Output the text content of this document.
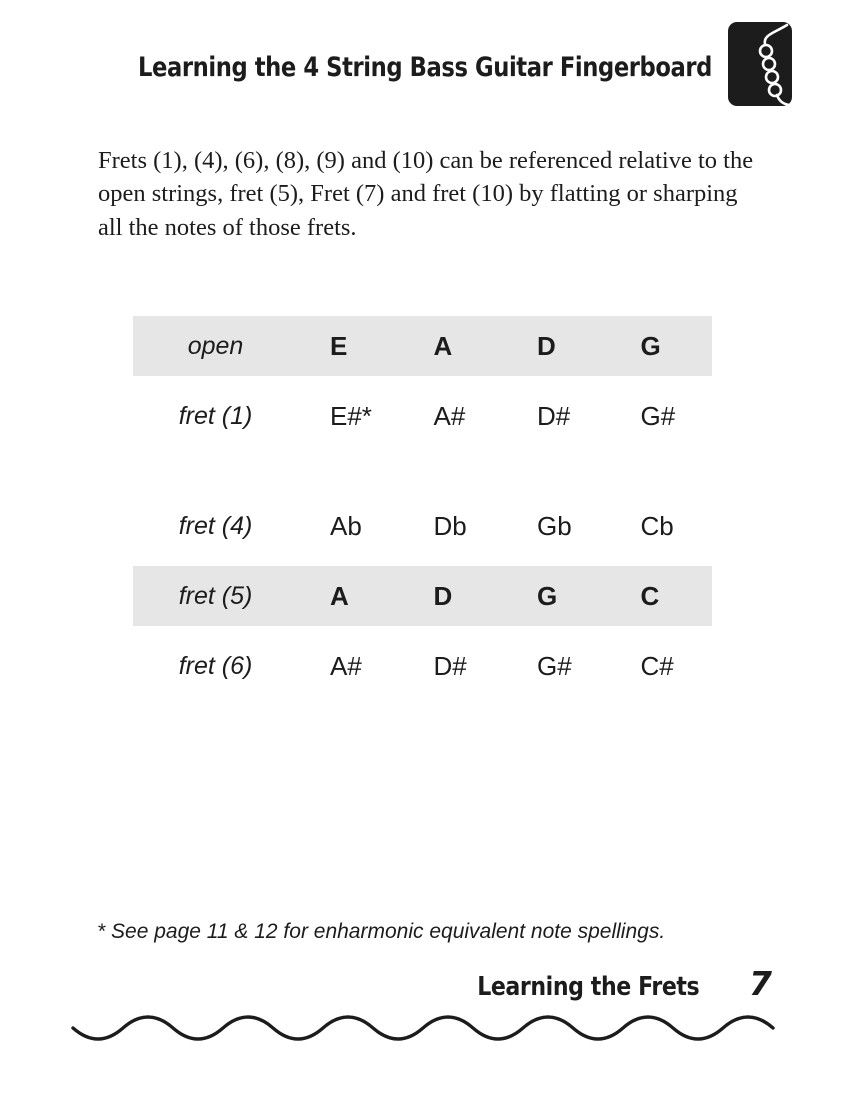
Learning the 4 String Bass Guitar Fingerboard

Frets (1), (4), (6), (8), (9) and (10) can be referenced relative to the open strings, fret (5), Fret (7) and fret (10) by flatting or sharping all the notes of those frets.

open	E	A	D	G
fret (1)	E#*	A#	D#	G#
fret (4)	Ab	Db	Gb	Cb
fret (5)	A	D	G	C
fret (6)	A#	D#	G#	C#

* See page 11 & 12 for enharmonic equivalent note spellings.

Learning the Frets 7
